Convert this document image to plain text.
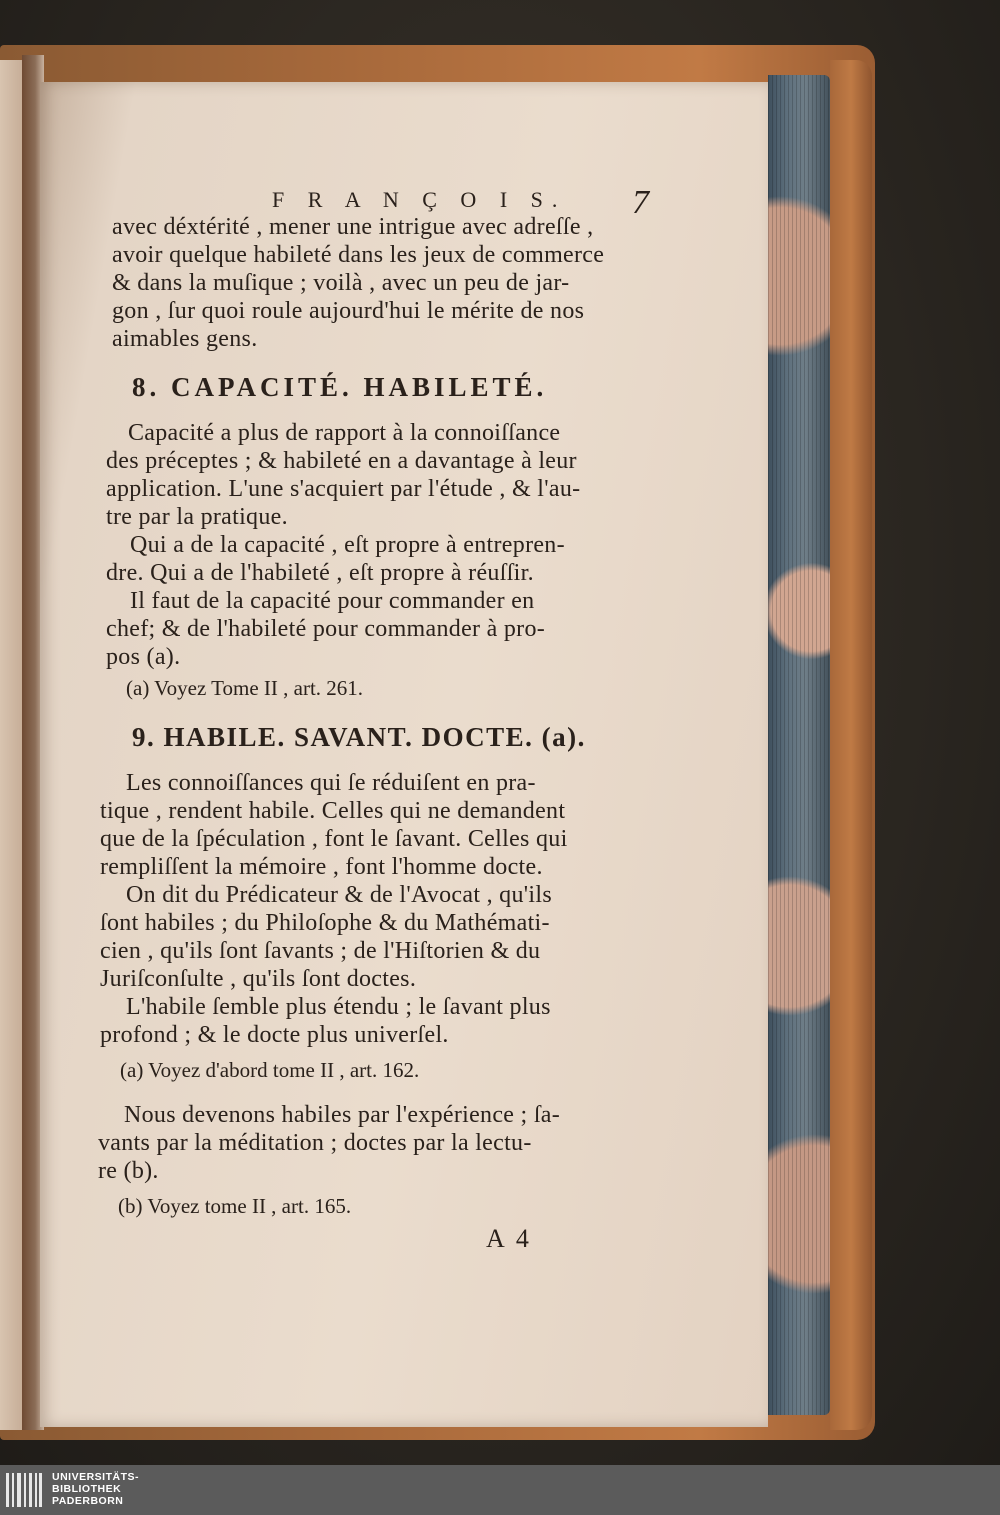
F R A N Ç O I S. 7
avec déxtérité , mener une intrigue avec adreſſe ,
avoir quelque habileté dans les jeux de commerce
& dans la muſique ; voilà , avec un peu de jar-
gon , ſur quoi roule aujourd'hui le mérite de nos
aimables gens.
8. CAPACITÉ. HABILETÉ.
Capacité a plus de rapport à la connoiſſance
des préceptes ; & habileté en a davantage à leur
application. L'une s'acquiert par l'étude , & l'au-
tre par la pratique.
Qui a de la capacité , eſt propre à entrepren-
dre. Qui a de l'habileté , eſt propre à réuſſir.
Il faut de la capacité pour commander en
chef; & de l'habileté pour commander à pro-
pos (a).
(a) Voyez Tome II , art. 261.
9. HABILE. SAVANT. DOCTE. (a).
Les connoiſſances qui ſe réduiſent en pra-
tique , rendent habile. Celles qui ne demandent
que de la ſpéculation , font le ſavant. Celles qui
rempliſſent la mémoire , font l'homme docte.
On dit du Prédicateur & de l'Avocat , qu'ils
ſont habiles ; du Philoſophe & du Mathémati-
cien , qu'ils ſont ſavants ; de l'Hiſtorien & du
Juriſconſulte , qu'ils ſont doctes.
L'habile ſemble plus étendu ; le ſavant plus
profond ; & le docte plus univerſel.
(a) Voyez d'abord tome II , art. 162.
Nous devenons habiles par l'expérience ; ſa-
vants par la méditation ; doctes par la lectu-
re (b).
(b) Voyez tome II , art. 165.
A 4
UNIVERSITÄTS-
BIBLIOTHEK
PADERBORN
